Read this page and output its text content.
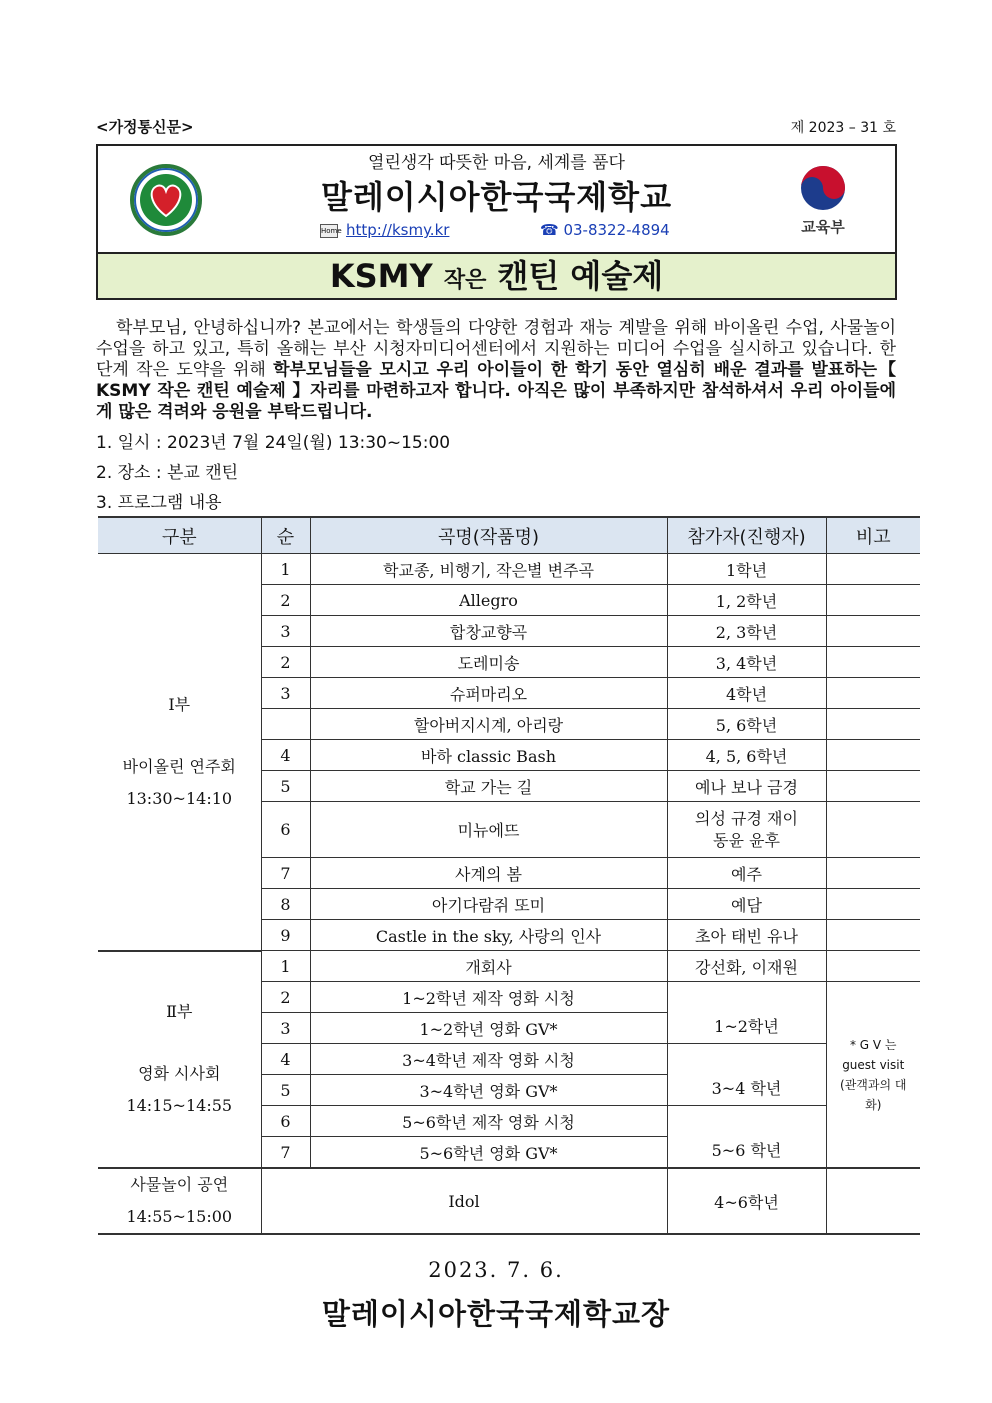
<가정통신문>	제 2023 – 31 호
열린생각 따뜻한 마음, 세계를 품다
말레이시아한국국제학교
Home http://ksmy.kr	☎ 03-8322-4894	교육부
KSMY 작은 캔틴 예술제

학부모님, 안녕하십니까? 본교에서는 학생들의 다양한 경험과 재능 계발을 위해 바이올린 수업, 사물놀이 수업을 하고 있고, 특히 올해는 부산 시청자미디어센터에서 지원하는 미디어 수업을 실시하고 있습니다. 한 단계 작은 도약을 위해 학부모님들을 모시고 우리 아이들이 한 학기 동안 열심히 배운 결과를 발표하는【 KSMY 작은 캔틴 예술제 】자리를 마련하고자 합니다. 아직은 많이 부족하지만 참석하셔서 우리 아이들에게 많은 격려와 응원을 부탁드립니다.

1. 일시 : 2023년 7월 24일(월) 13:30~15:00
2. 장소 : 본교 캔틴
3. 프로그램 내용
구분	순	곡명(작품명)	참가자(진행자)	비고

Ⅰ부
바이올린 연주회
13:30~14:10	1	학교종, 비행기, 작은별 변주곡	1학년	
	2	Allegro	1, 2학년	
	3	합창교향곡	2, 3학년	
	2	도레미송	3, 4학년	
	3	슈퍼마리오	4학년	
		할아버지시계, 아리랑	5, 6학년	
	4	바하 classic Bash	4, 5, 6학년	
	5	학교 가는 길	예나 보나 금경	
	6	미뉴에뜨	의성 규경 재이
동윤 윤후	

	7	사계의 봄	예주	
	8	아기다람쥐 또미	예담	
	9	Castle in the sky, 사랑의 인사	초아 태빈 유나	

Ⅱ부
영화 시사회
14:15~14:55	1	개회사	강선화, 이재원	
	2	1~2학년 제작 영화 시청	1~2학년	* G V 는 guest visit (관객과의 대화)
	3	1~2학년 영화 GV*		
	4	3~4학년 제작 영화 시청	3~4 학년	
	5	3~4학년 영화 GV*		
	6	5~6학년 제작 영화 시청	5~6 학년	
	7	5~6학년 영화 GV*		

사물놀이 공연
14:55~15:00	Idol		4~6학년	
2023. 7. 6.
말레이시아한국국제학교장
